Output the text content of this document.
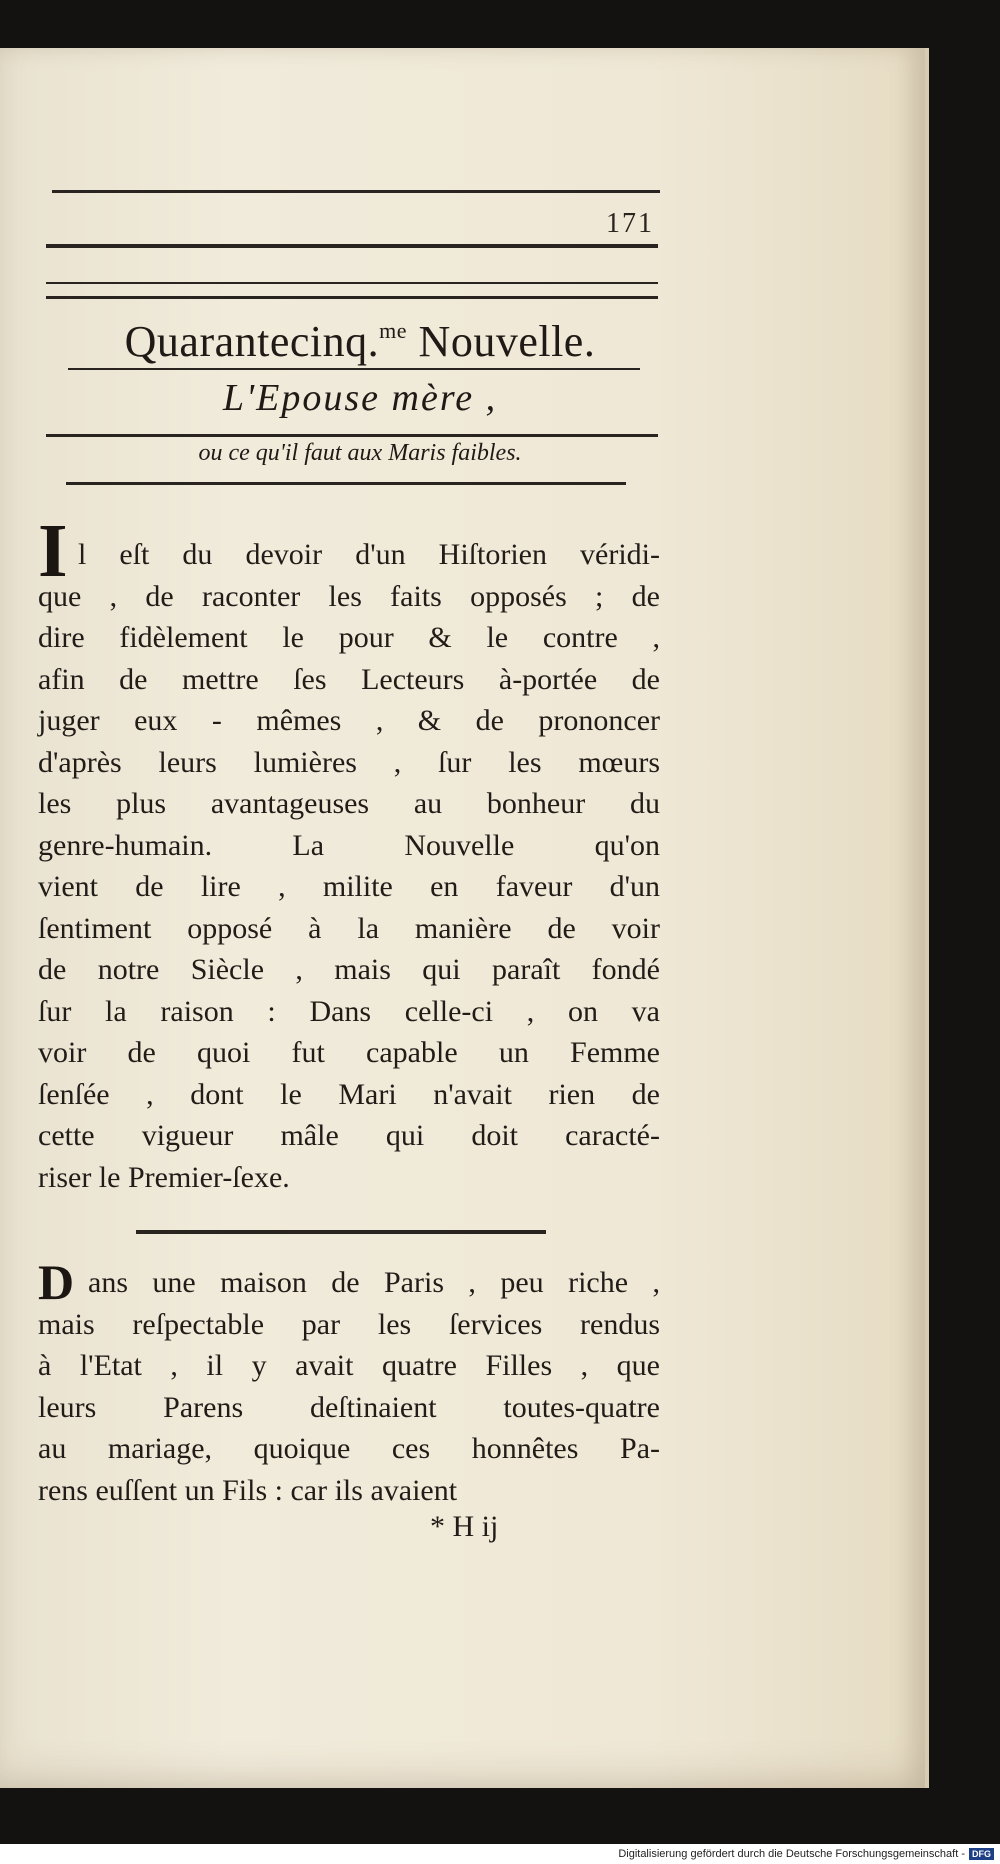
171
Quarantecinq.$^{me}$ Nouvelle.
L'Epouse mère ,
ou ce qu'il faut aux Maris faibles.
I l eſt du devoir d'un Hiſtorien véridi-
que , de raconter les faits opposés ; de
dire fidèlement le pour & le contre ,
afin de mettre ſes Lecteurs à-portée de
juger eux - mêmes , & de prononcer
d'après leurs lumières , ſur les mœurs
les plus avantageuses au bonheur du
genre-humain. La Nouvelle qu'on
vient de lire , milite en faveur d'un
ſentiment opposé à la manière de voir
de notre Siècle , mais qui paraît fondé
ſur la raison : Dans celle-ci , on va
voir de quoi fut capable un Femme
ſenſée , dont le Mari n'avait rien de
cette vigueur mâle qui doit caracté-
riser le Premier-ſexe.
D ans une maison de Paris , peu riche ,
mais reſpectable par les ſervices rendus
à l'Etat , il y avait quatre Filles , que
leurs Parens deſtinaient toutes-quatre
au mariage, quoique ces honnêtes Pa-
rens euſſent un Fils : car ils avaient
* H ij
Digitalisierung gefördert durch die Deutsche Forschungsgemeinschaft - DFG
